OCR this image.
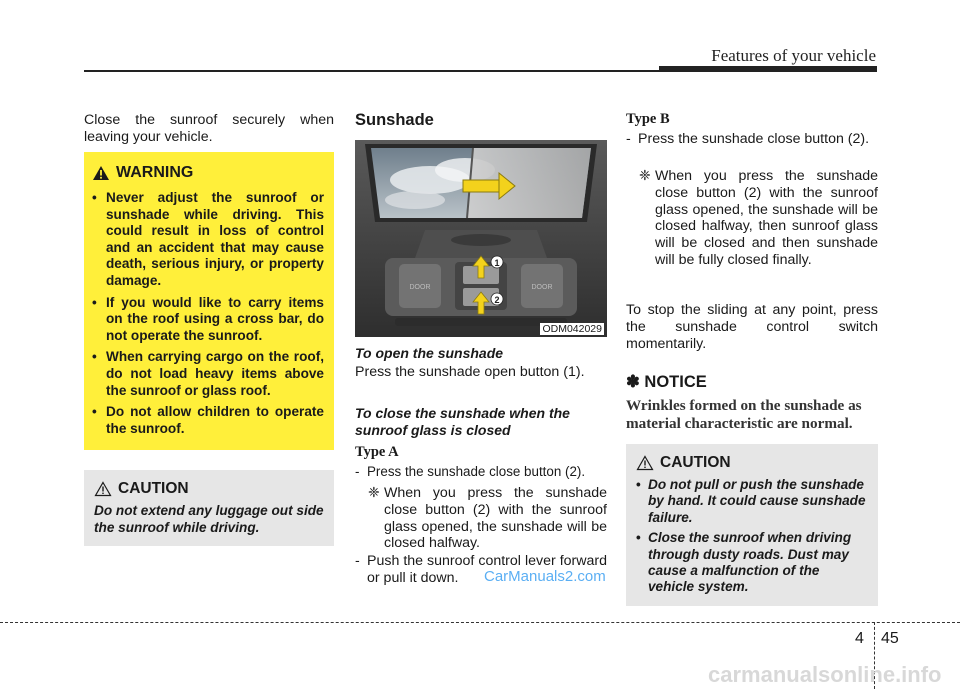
Features of your vehicle

Close the sunroof securely when leaving your vehicle.

WARNING
• Never adjust the sunroof or sunshade while driving. This could result in loss of control and an accident that may cause death, serious injury, or property damage.
• If you would like to carry items on the roof using a cross bar, do not operate the sunroof.
• When carrying cargo on the roof, do not load heavy items above the sunroof or glass roof.
• Do not allow children to operate the sunroof.
CAUTION

Do not extend any luggage out side the sunroof while driving.

Sunshade
1
2
DOOR	DOOR
ODM042029
To open the sunshade

Press the sunshade open button (1).

To close the sunshade when the sunroof glass is closed
Type A

- Press the sunshade close button (2).

❈ When you press the sunshade close button (2) with the sunroof glass opened, the sunshade will be closed halfway.

- Push the sunroof control lever forward or pull it down.

Type B

- Press the sunshade close button (2).

❈ When you press the sunshade close button (2) with the sunroof glass opened, the sunshade will be closed halfway, then sunroof glass will be closed and then sunshade will be fully closed finally.

To stop the sliding at any point, press the sunshade control switch momentarily.

✽ NOTICE

Wrinkles formed on the sunshade as material characteristic are normal.

CAUTION
• Do not pull or push the sunshade by hand. It could cause sunshade failure.
• Close the sunroof when driving through dusty roads. Dust may cause a malfunction of the vehicle system.
CarManuals2.com
4 45
carmanualsonline.info
